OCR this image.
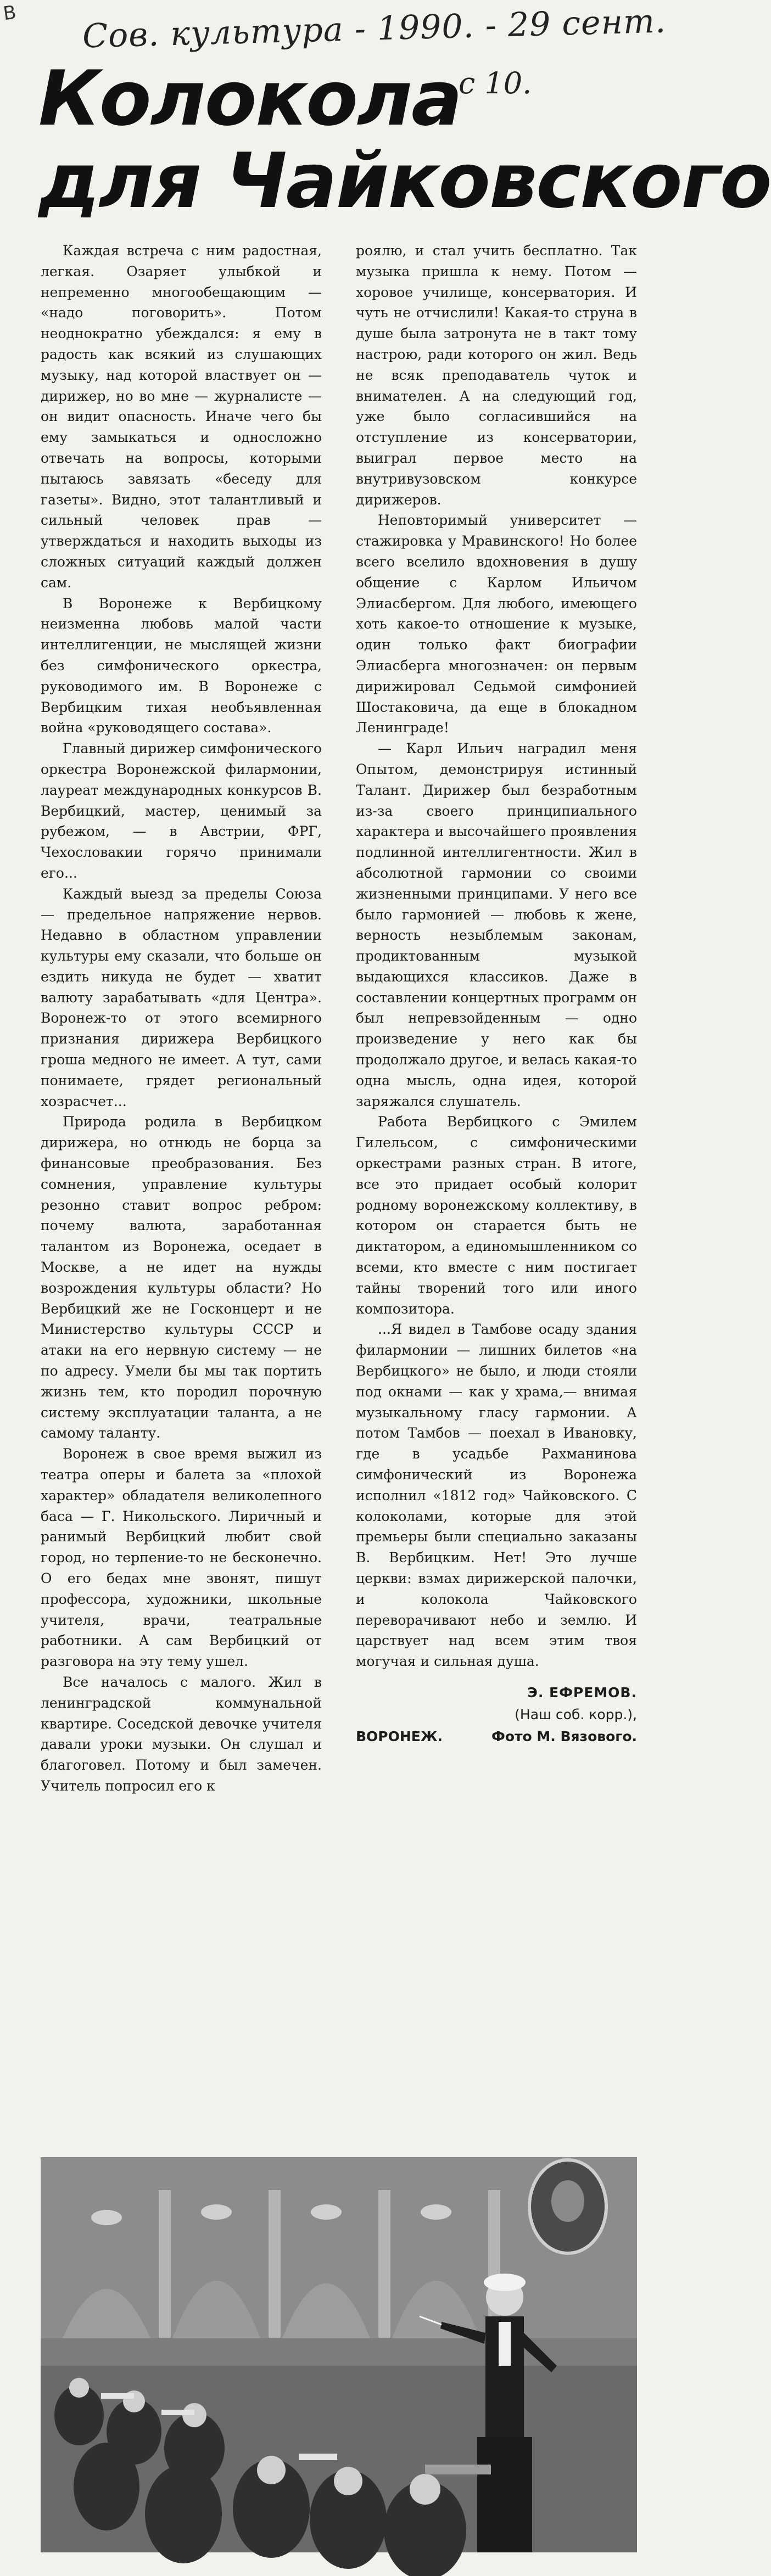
В Сов. культура - 1990. - 29 сент.
с 10.
Колокола
для Чайковского

Каждая встреча с ним радостная, легкая. Озаряет улыбкой и непременно многообещающим — «надо поговорить». Потом неоднократно убеждался: я ему в радость как всякий из слушающих музыку, над которой властвует он — дирижер, но во мне — журналисте — он видит опасность. Иначе чего бы ему замыкаться и односложно отвечать на вопросы, которыми пытаюсь завязать «беседу для газеты». Видно, этот талантливый и сильный человек прав — утверждаться и находить выходы из сложных ситуаций каждый должен сам.

В Воронеже к Вербицкому неизменна любовь малой части интеллигенции, не мыслящей жизни без симфонического оркестра, руководимого им. В Воронеже с Вербицким тихая необъявленная война «руководящего состава».

Главный дирижер симфонического оркестра Воронежской филармонии, лауреат международных конкурсов В. Вербицкий, мастер, ценимый за рубежом, — в Австрии, ФРГ, Чехословакии горячо принимали его...

Каждый выезд за пределы Союза — предельное напряжение нервов. Недавно в областном управлении культуры ему сказали, что больше он ездить никуда не будет — хватит валюту зарабатывать «для Центра». Воронеж-то от этого всемирного признания дирижера Вербицкого гроша медного не имеет. А тут, сами понимаете, грядет региональный хозрасчет...

Природа родила в Вербицком дирижера, но отнюдь не борца за финансовые преобразования. Без сомнения, управление культуры резонно ставит вопрос ребром: почему валюта, заработанная талантом из Воронежа, оседает в Москве, а не идет на нужды возрождения культуры области? Но Вербицкий же не Госконцерт и не Министерство культуры СССР и атаки на его нервную систему — не по адресу. Умели бы мы так портить жизнь тем, кто породил порочную систему эксплуатации таланта, а не самому таланту.

Воронеж в свое время выжил из театра оперы и балета за «плохой характер» обладателя великолепного баса — Г. Никольского. Лиричный и ранимый Вербицкий любит свой город, но терпение-то не бесконечно. О его бедах мне звонят, пишут профессора, художники, школьные учителя, врачи, театральные работники. А сам Вербицкий от разговора на эту тему ушел.

Все началось с малого. Жил в ленинградской коммунальной квартире. Соседской девочке учителя давали уроки музыки. Он слушал и благоговел. Потому и был замечен. Учитель попросил его к

роялю, и стал учить бесплатно. Так музыка пришла к нему. Потом — хоровое училище, консерватория. И чуть не отчислили! Какая-то струна в душе была затронута не в такт тому настрою, ради которого он жил. Ведь не всяк преподаватель чуток и внимателен. А на следующий год, уже было согласившийся на отступление из консерватории, выиграл первое место на внутривузовском конкурсе дирижеров.

Неповторимый университет — стажировка у Мравинского! Но более всего вселило вдохновения в душу общение с Карлом Ильичом Элиасбергом. Для любого, имеющего хоть какое-то отношение к музыке, один только факт биографии Элиасберга многозначен: он первым дирижировал Седьмой симфонией Шостаковича, да еще в блокадном Ленинграде!

— Карл Ильич наградил меня Опытом, демонстрируя истинный Талант. Дирижер был безработным из-за своего принципиального характера и высочайшего проявления подлинной интеллигентности. Жил в абсолютной гармонии со своими жизненными принципами. У него все было гармонией — любовь к жене, верность незыблемым законам, продиктованным музыкой выдающихся классиков. Даже в составлении концертных программ он был непревзойденным — одно произведение у него как бы продолжало другое, и велась какая-то одна мысль, одна идея, которой заряжался слушатель.

Работа Вербицкого с Эмилем Гилельсом, с симфоническими оркестрами разных стран. В итоге, все это придает особый колорит родному воронежскому коллективу, в котором он старается быть не диктатором, а единомышленником со всеми, кто вместе с ним постигает тайны творений того или иного композитора.

...Я видел в Тамбове осаду здания филармонии — лишних билетов «на Вербицкого» не было, и люди стояли под окнами — как у храма,— внимая музыкальному гласу гармонии. А потом Тамбов — поехал в Ивановку, где в усадьбе Рахманинова симфонический из Воронежа исполнил «1812 год» Чайковского. С колоколами, которые для этой премьеры были специально заказаны В. Вербицким. Нет! Это лучше церкви: взмах дирижерской палочки, и колокола Чайковского переворачивают небо и землю. И царствует над всем этим твоя могучая и сильная душа.

Э. ЕФРЕМОВ.
(Наш соб. корр.),
ВОРОНЕЖ.	Фото М. Вязового.
